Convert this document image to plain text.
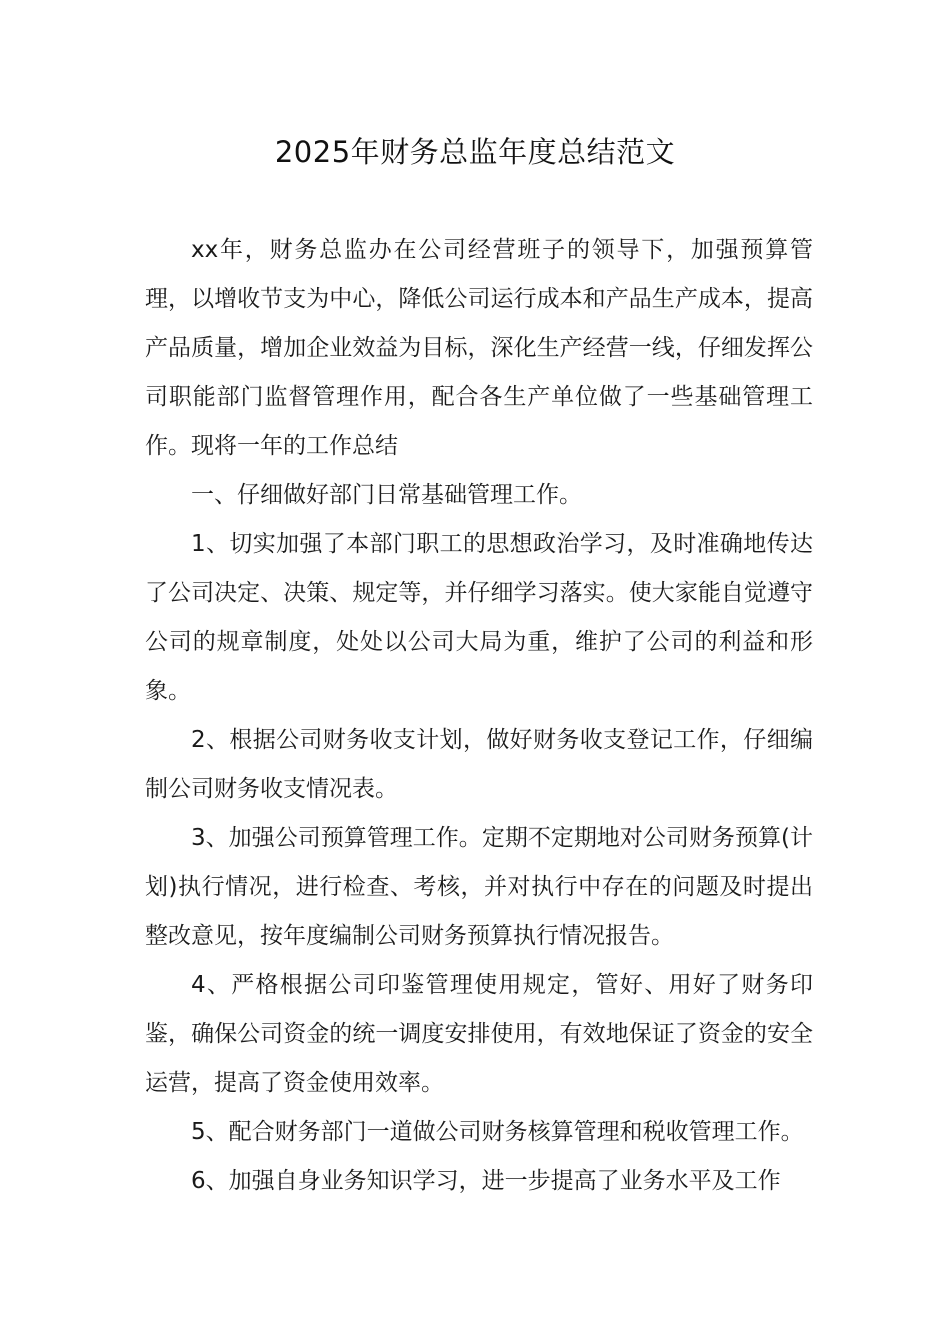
2025年财务总监年度总结范文

xx年，财务总监办在公司经营班子的领导下，加强预算管理，以增收节支为中心，降低公司运行成本和产品生产成本，提高产品质量，增加企业效益为目标，深化生产经营一线，仔细发挥公司职能部门监督管理作用，配合各生产单位做了一些基础管理工作。现将一年的工作总结

一、仔细做好部门日常基础管理工作。

1、切实加强了本部门职工的思想政治学习，及时准确地传达了公司决定、决策、规定等，并仔细学习落实。使大家能自觉遵守公司的规章制度，处处以公司大局为重，维护了公司的利益和形象。

2、根据公司财务收支计划，做好财务收支登记工作，仔细编制公司财务收支情况表。

3、加强公司预算管理工作。定期不定期地对公司财务预算(计划)执行情况，进行检查、考核，并对执行中存在的问题及时提出整改意见，按年度编制公司财务预算执行情况报告。

4、严格根据公司印鉴管理使用规定，管好、用好了财务印鉴，确保公司资金的统一调度安排使用，有效地保证了资金的安全运营，提高了资金使用效率。

5、配合财务部门一道做公司财务核算管理和税收管理工作。

6、加强自身业务知识学习，进一步提高了业务水平及工作
